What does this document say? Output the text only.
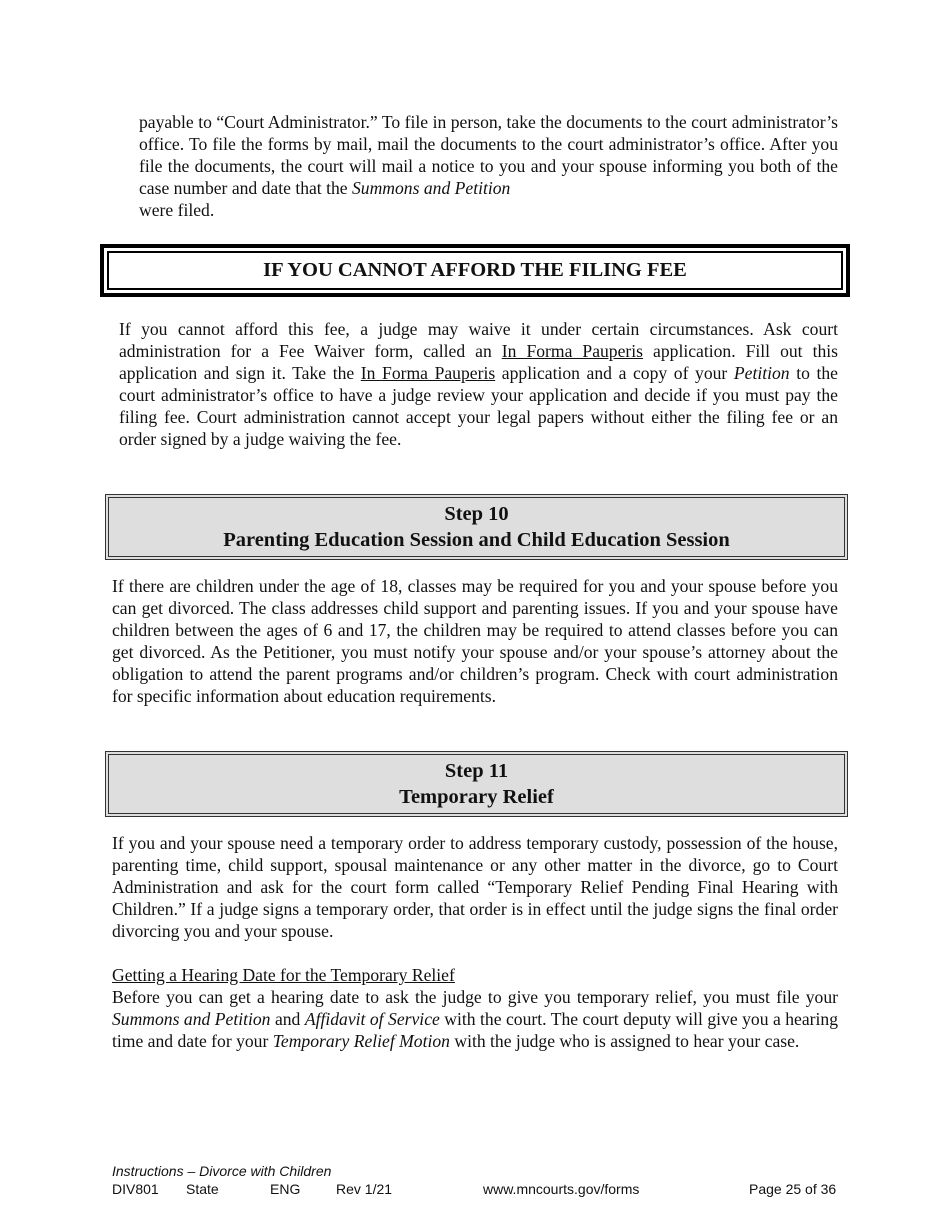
payable to “Court Administrator.” To file in person, take the documents to the court administrator’s office. To file the forms by mail, mail the documents to the court administrator’s office. After you file the documents, the court will mail a notice to you and your spouse informing you both of the case number and date that the Summons and Petition
were filed.

IF YOU CANNOT AFFORD THE FILING FEE

If you cannot afford this fee, a judge may waive it under certain circumstances. Ask court administration for a Fee Waiver form, called an In Forma Pauperis application. Fill out this application and sign it. Take the In Forma Pauperis application and a copy of your Petition to the court administrator’s office to have a judge review your application and decide if you must pay the filing fee. Court administration cannot accept your legal papers without either the filing fee or an order signed by a judge waiving the fee.

Step 10
Parenting Education Session and Child Education Session

If there are children under the age of 18, classes may be required for you and your spouse before you can get divorced. The class addresses child support and parenting issues. If you and your spouse have children between the ages of 6 and 17, the children may be required to attend classes before you can get divorced. As the Petitioner, you must notify your spouse and/or your spouse’s attorney about the obligation to attend the parent programs and/or children’s program. Check with court administration for specific information about education requirements.

Step 11
Temporary Relief

If you and your spouse need a temporary order to address temporary custody, possession of the house, parenting time, child support, spousal maintenance or any other matter in the divorce, go to Court Administration and ask for the court form called “Temporary Relief Pending Final Hearing with Children.” If a judge signs a temporary order, that order is in effect until the judge signs the final order divorcing you and your spouse.

Getting a Hearing Date for the Temporary Relief
Before you can get a hearing date to ask the judge to give you temporary relief, you must file your Summons and Petition and Affidavit of Service with the court. The court deputy will give you a hearing time and date for your Temporary Relief Motion with the judge who is assigned to hear your case.

Instructions – Divorce with Children
DIV801 State	ENG	Rev 1/21	www.mncourts.gov/forms	Page 25 of 36
